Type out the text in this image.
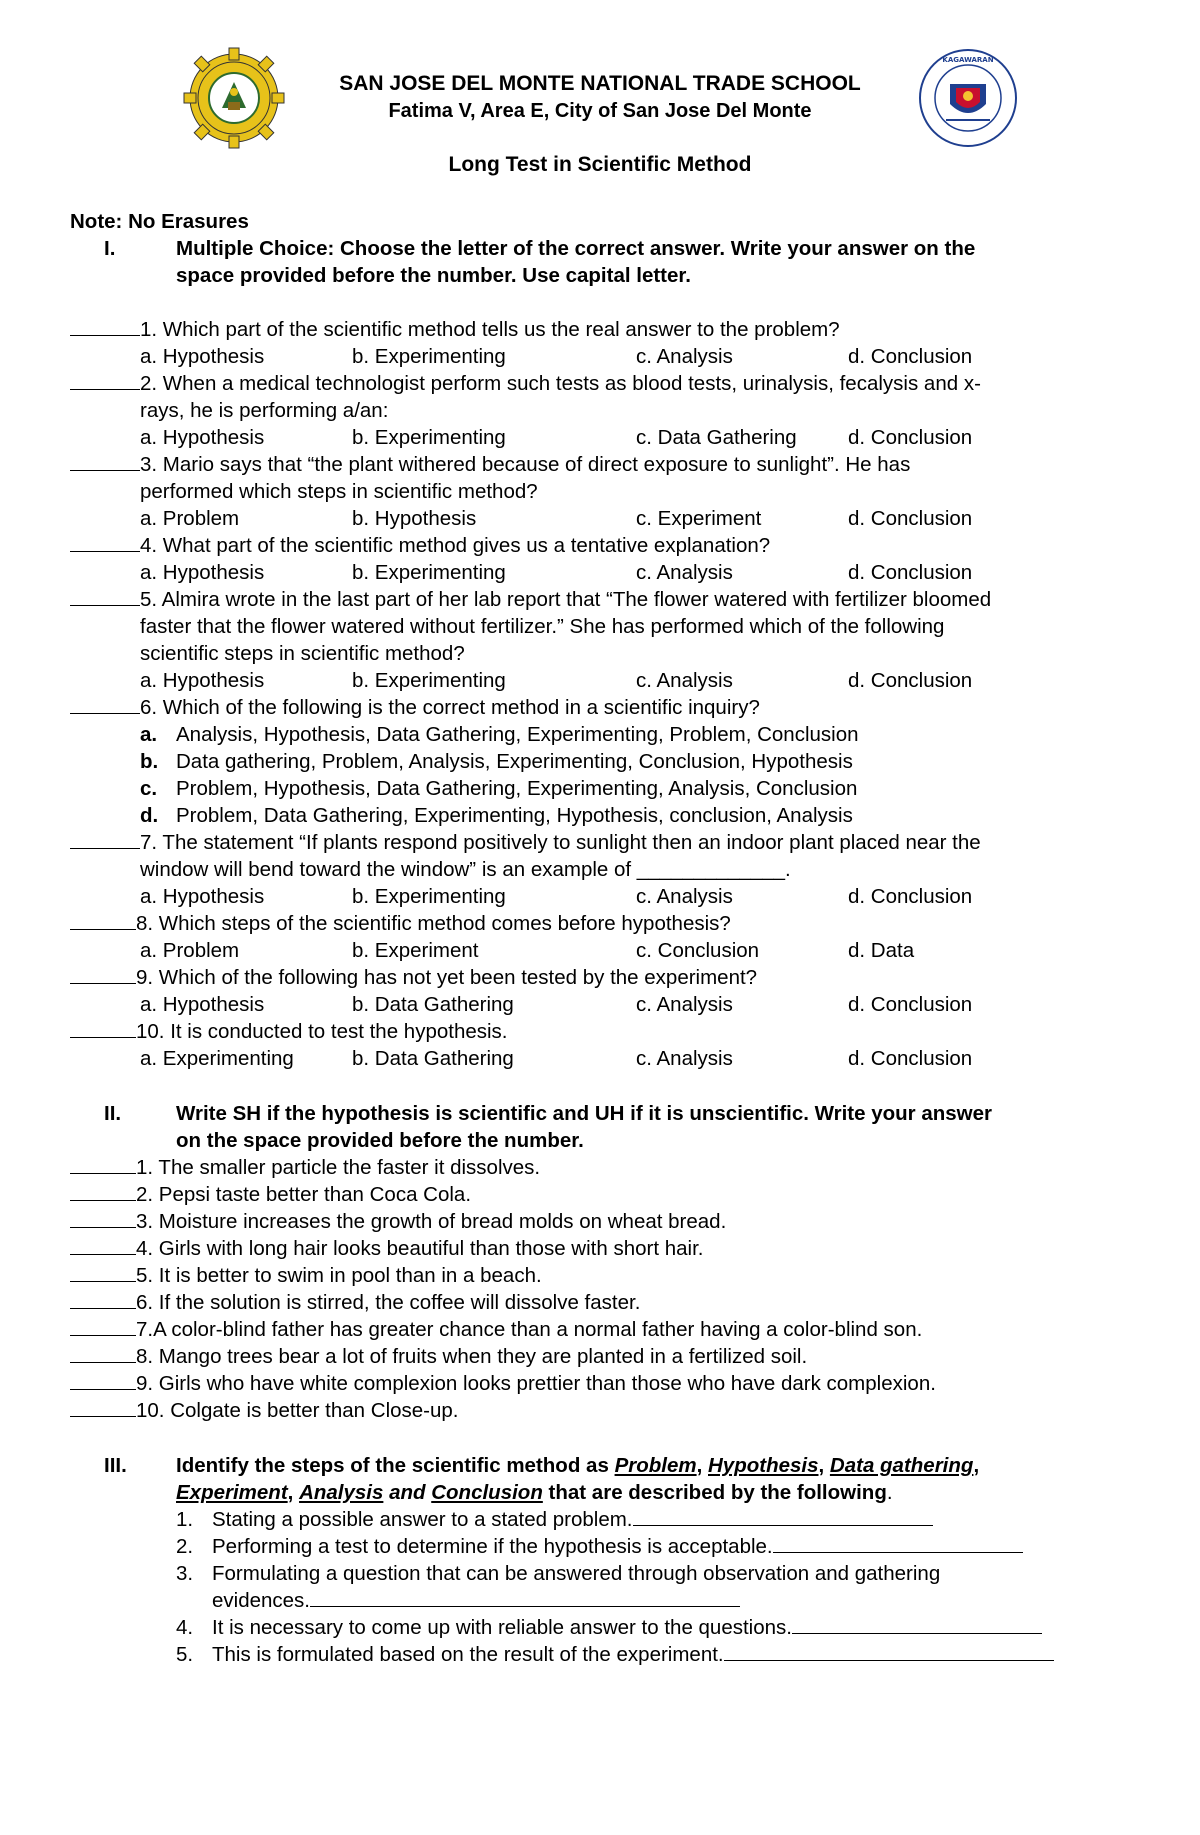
KAGAWARAN
SAN JOSE DEL MONTE NATIONAL TRADE SCHOOL
Fatima V, Area E, City of San Jose Del Monte
Long Test in Scientific Method
Note: No Erasures
I.	Multiple Choice: Choose the letter of the correct answer. Write your answer on the
space provided before the number. Use capital letter.
1. Which part of the scientific method tells us the real answer to the problem?
a. Hypothesis	b. Experimenting	c. Analysis	d. Conclusion
2. When a medical technologist perform such tests as blood tests, urinalysis, fecalysis and x-
rays, he is performing a/an:
a. Hypothesis	b. Experimenting	c. Data Gathering	d. Conclusion
3. Mario says that “the plant withered because of direct exposure to sunlight”. He has
performed which steps in scientific method?
a. Problem	b. Hypothesis	c. Experiment	d. Conclusion
4. What part of the scientific method gives us a tentative explanation?
a. Hypothesis	b. Experimenting	c. Analysis	d. Conclusion
5. Almira wrote in the last part of her lab report that “The flower watered with fertilizer bloomed
faster that the flower watered without fertilizer.” She has performed which of the following
scientific steps in scientific method?
a. Hypothesis	b. Experimenting	c. Analysis	d. Conclusion
6. Which of the following is the correct method in a scientific inquiry?
a. Analysis, Hypothesis, Data Gathering, Experimenting, Problem, Conclusion
b. Data gathering, Problem, Analysis, Experimenting, Conclusion, Hypothesis
c. Problem, Hypothesis, Data Gathering, Experimenting, Analysis, Conclusion
d. Problem, Data Gathering, Experimenting, Hypothesis, conclusion, Analysis
7. The statement “If plants respond positively to sunlight then an indoor plant placed near the
window will bend toward the window” is an example of _____________.
a. Hypothesis	b. Experimenting	c. Analysis	d. Conclusion
8. Which steps of the scientific method comes before hypothesis?
a. Problem	b. Experiment	c. Conclusion	d. Data
9. Which of the following has not yet been tested by the experiment?
a. Hypothesis	b. Data Gathering	c. Analysis	d. Conclusion
10. It is conducted to test the hypothesis.
a. Experimenting	b. Data Gathering	c. Analysis	d. Conclusion
II.	Write SH if the hypothesis is scientific and UH if it is unscientific. Write your answer
on the space provided before the number.
1. The smaller particle the faster it dissolves.
2. Pepsi taste better than Coca Cola.
3. Moisture increases the growth of bread molds on wheat bread.
4. Girls with long hair looks beautiful than those with short hair.
5. It is better to swim in pool than in a beach.
6. If the solution is stirred, the coffee will dissolve faster.
7.A color-blind father has greater chance than a normal father having a color-blind son.
8. Mango trees bear a lot of fruits when they are planted in a fertilized soil.
9. Girls who have white complexion looks prettier than those who have dark complexion.
10. Colgate is better than Close-up.
III. Identify the steps of the scientific method as Problem, Hypothesis, Data gathering,
Experiment, Analysis and Conclusion that are described by the following.
1. Stating a possible answer to a stated problem.
2. Performing a test to determine if the hypothesis is acceptable.
3. Formulating a question that can be answered through observation and gathering
evidences.
4. It is necessary to come up with reliable answer to the questions.
5. This is formulated based on the result of the experiment.
